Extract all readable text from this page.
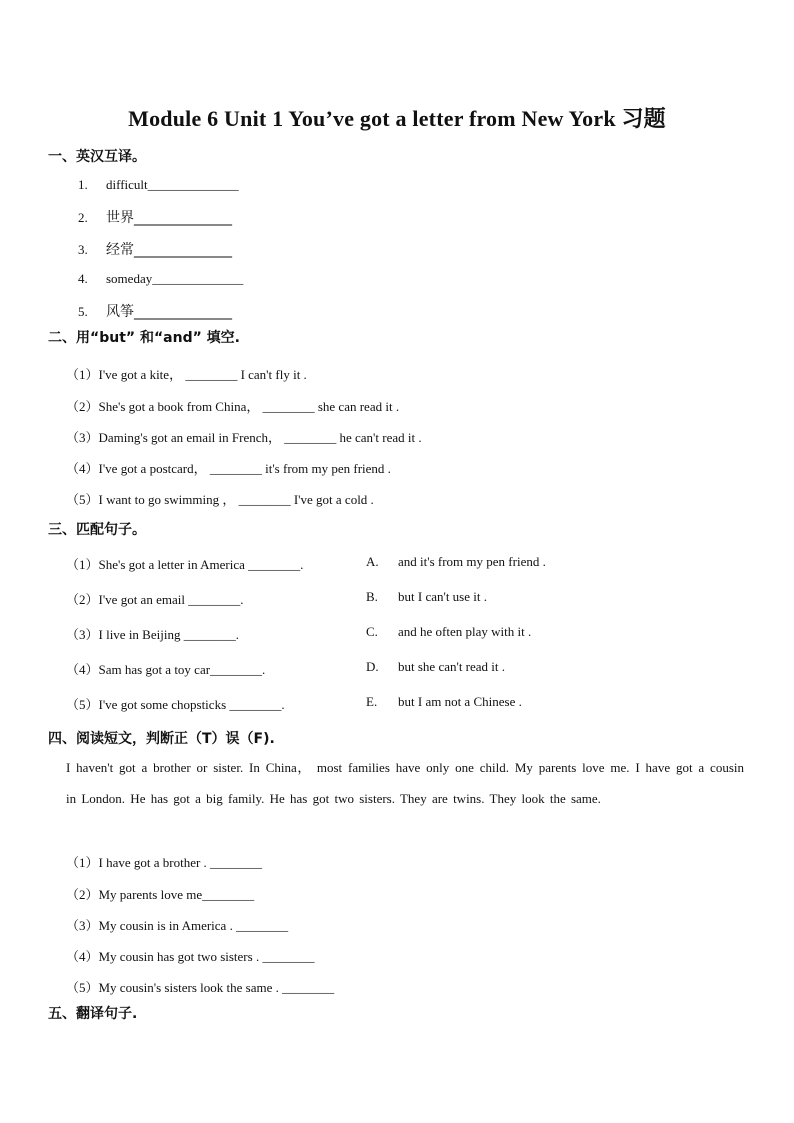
Module 6 Unit 1 You’ve got a letter from New York 习题
一、英汉互译。
1. difficult______________
2. 世界______________
3. 经常______________
4. someday______________
5. 风筝______________
二、用“but” 和“and” 填空.
（1）I've got a kite， ________ I can't fly it .
（2）She's got a book from China， ________ she can read it .
（3）Daming's got an email in French， ________ he can't read it .
（4）I've got a postcard， ________ it's from my pen friend .
（5）I want to go swimming ， ________ I've got a cold .
三、匹配句子。
（1）She's got a letter in America ________.
（2）I've got an email ________.
（3）I live in Beijing ________.
（4）Sam has got a toy car________.
（5）I've got some chopsticks ________.
A. and it's from my pen friend .
B. but I can't use it .
C. and he often play with it .
D. but she can't read it .
E. but I am not a Chinese .
四、阅读短文，判断正（T）误（F).
I haven't got a brother or sister. In China， most families have only one child. My parents love me. I have got a cousin in London. He has got a big family. He has got two sisters. They are twins. They look the same.
（1）I have got a brother . ________
（2）My parents love me________
（3）My cousin is in America . ________
（4）My cousin has got two sisters . ________
（5）My cousin's sisters look the same . ________
五、翻译句子.
